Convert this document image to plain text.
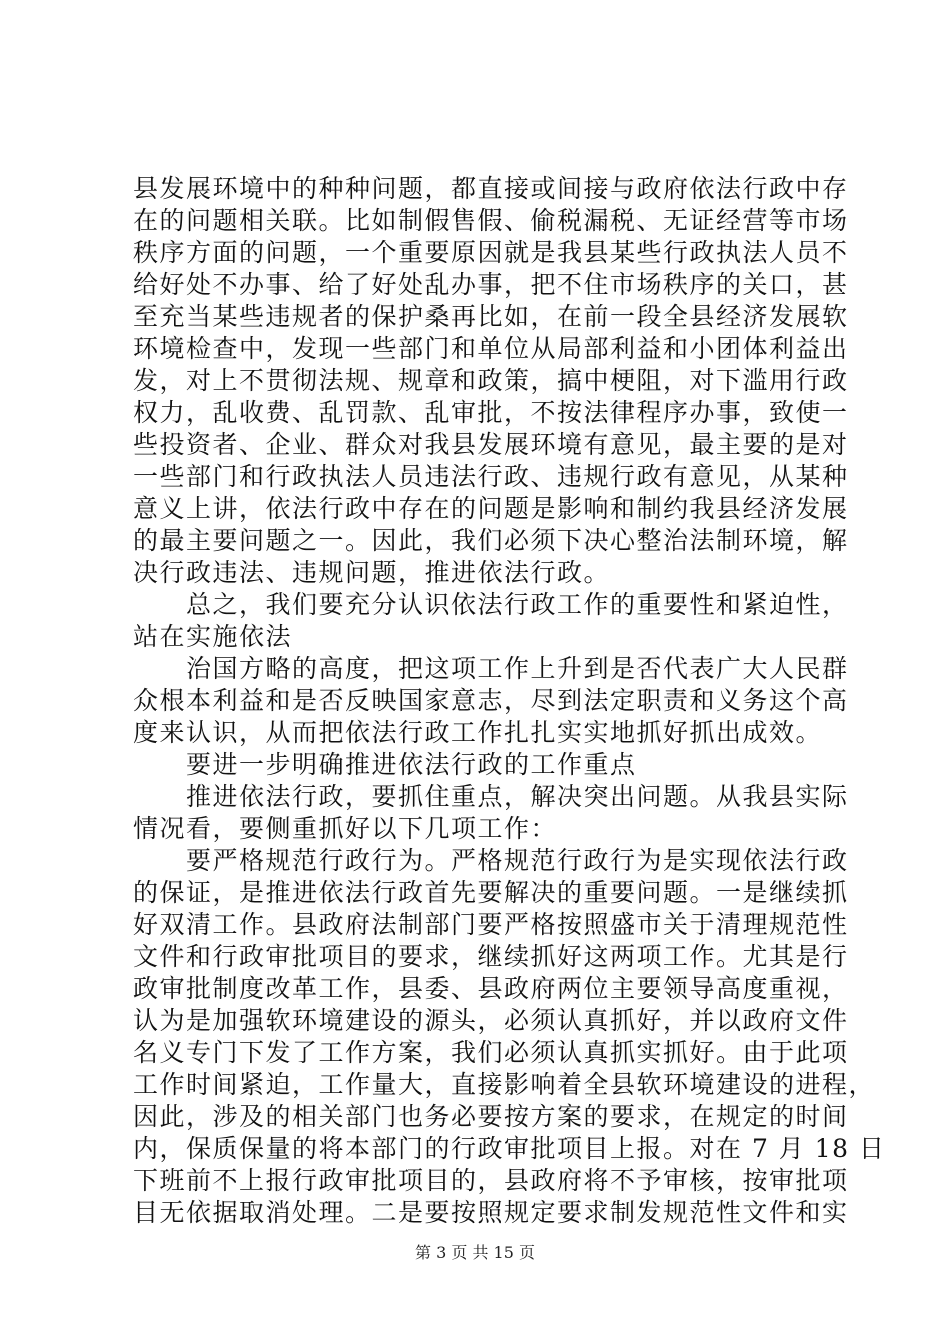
县发展环境中的种种问题，都直接或间接与政府依法行政中存
在的问题相关联。比如制假售假、偷税漏税、无证经营等市场
秩序方面的问题，一个重要原因就是我县某些行政执法人员不
给好处不办事、给了好处乱办事，把不住市场秩序的关口，甚
至充当某些违规者的保护桑再比如，在前一段全县经济发展软
环境检查中，发现一些部门和单位从局部利益和小团体利益出
发，对上不贯彻法规、规章和政策，搞中梗阻，对下滥用行政
权力，乱收费、乱罚款、乱审批，不按法律程序办事，致使一
些投资者、企业、群众对我县发展环境有意见，最主要的是对
一些部门和行政执法人员违法行政、违规行政有意见，从某种
意义上讲，依法行政中存在的问题是影响和制约我县经济发展
的最主要问题之一。因此，我们必须下决心整治法制环境，解
决行政违法、违规问题，推进依法行政。
　　总之，我们要充分认识依法行政工作的重要性和紧迫性，
站在实施依法
　　治国方略的高度，把这项工作上升到是否代表广大人民群
众根本利益和是否反映国家意志，尽到法定职责和义务这个高
度来认识，从而把依法行政工作扎扎实实地抓好抓出成效。
　　要进一步明确推进依法行政的工作重点
　　推进依法行政，要抓住重点，解决突出问题。从我县实际
情况看，要侧重抓好以下几项工作：
　　要严格规范行政行为。严格规范行政行为是实现依法行政
的保证，是推进依法行政首先要解决的重要问题。一是继续抓
好双清工作。县政府法制部门要严格按照盛市关于清理规范性
文件和行政审批项目的要求，继续抓好这两项工作。尤其是行
政审批制度改革工作，县委、县政府两位主要领导高度重视，
认为是加强软环境建设的源头，必须认真抓好，并以政府文件
名义专门下发了工作方案，我们必须认真抓实抓好。由于此项
工作时间紧迫，工作量大，直接影响着全县软环境建设的进程，
因此，涉及的相关部门也务必要按方案的要求，在规定的时间
内，保质保量的将本部门的行政审批项目上报。对在 7 月 18 日
下班前不上报行政审批项目的，县政府将不予审核，按审批项
目无依据取消处理。二是要按照规定要求制发规范性文件和实
第 3 页 共 15 页
